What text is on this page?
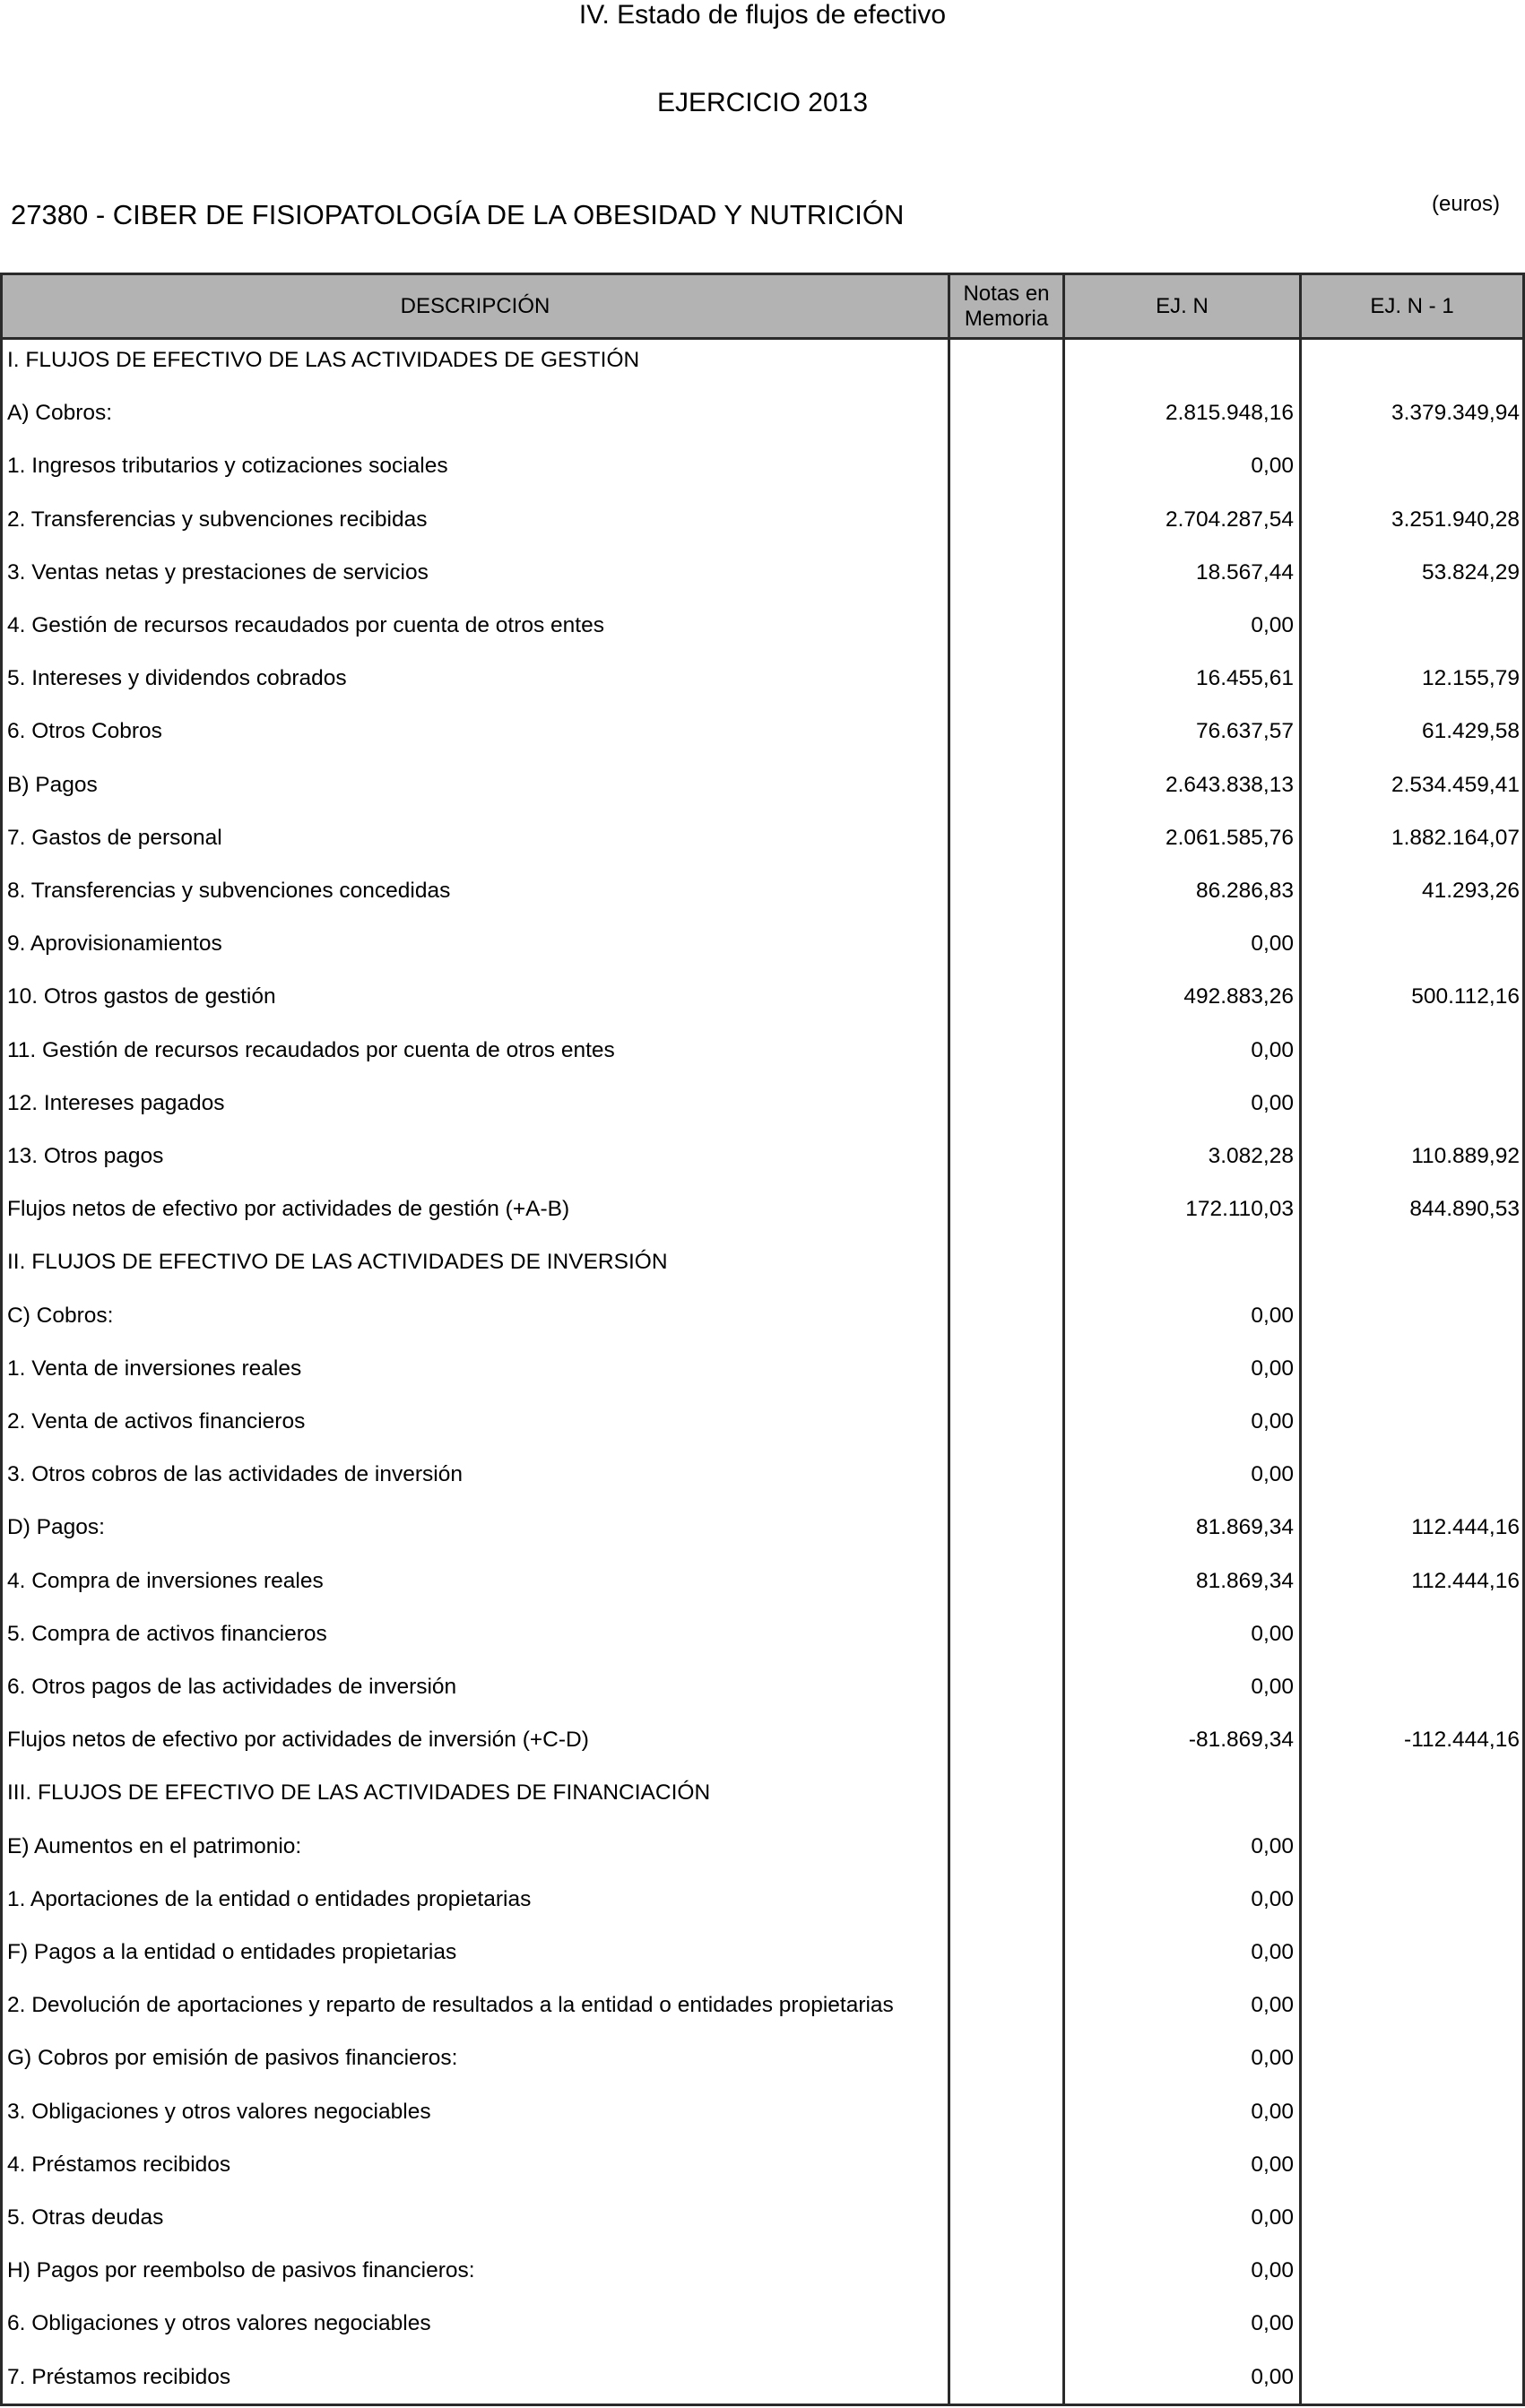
IV. Estado de flujos de efectivo
EJERCICIO 2013
27380 - CIBER DE FISIOPATOLOGÍA DE LA OBESIDAD Y NUTRICIÓN	(euros)
DESCRIPCIÓN
Notas en Memoria
EJ. N	EJ. N - 1
I. FLUJOS DE EFECTIVO DE LAS ACTIVIDADES DE GESTIÓN
A) Cobros:	2.815.948,16	3.379.349,94
1. Ingresos tributarios y cotizaciones sociales	0,00
2. Transferencias y subvenciones recibidas	2.704.287,54	3.251.940,28
3. Ventas netas y prestaciones de servicios	18.567,44	53.824,29
4. Gestión de recursos recaudados por cuenta de otros entes	0,00
5. Intereses y dividendos cobrados	16.455,61	12.155,79
6. Otros Cobros	76.637,57	61.429,58
B) Pagos	2.643.838,13	2.534.459,41
7. Gastos de personal	2.061.585,76	1.882.164,07
8. Transferencias y subvenciones concedidas	86.286,83	41.293,26
9. Aprovisionamientos	0,00
10. Otros gastos de gestión	492.883,26	500.112,16
11. Gestión de recursos recaudados por cuenta de otros entes	0,00
12. Intereses pagados	0,00
13. Otros pagos	3.082,28	110.889,92
Flujos netos de efectivo por actividades de gestión (+A-B)	172.110,03	844.890,53
II. FLUJOS DE EFECTIVO DE LAS ACTIVIDADES DE INVERSIÓN
C) Cobros:	0,00
1. Venta de inversiones reales	0,00
2. Venta de activos financieros	0,00
3. Otros cobros de las actividades de inversión	0,00
D) Pagos:	81.869,34	112.444,16
4. Compra de inversiones reales	81.869,34	112.444,16
5. Compra de activos financieros	0,00
6. Otros pagos de las actividades de inversión	0,00
Flujos netos de efectivo por actividades de inversión (+C-D)	-81.869,34	-112.444,16
III. FLUJOS DE EFECTIVO DE LAS ACTIVIDADES DE FINANCIACIÓN
E) Aumentos en el patrimonio:	0,00
1. Aportaciones de la entidad o entidades propietarias	0,00
F) Pagos a la entidad o entidades propietarias	0,00
2. Devolución de aportaciones y reparto de resultados a la entidad o entidades propietarias	0,00
G) Cobros por emisión de pasivos financieros:	0,00
3. Obligaciones y otros valores negociables	0,00
4. Préstamos recibidos	0,00
5. Otras deudas	0,00
H) Pagos por reembolso de pasivos financieros:	0,00
6. Obligaciones y otros valores negociables	0,00
7. Préstamos recibidos	0,00
